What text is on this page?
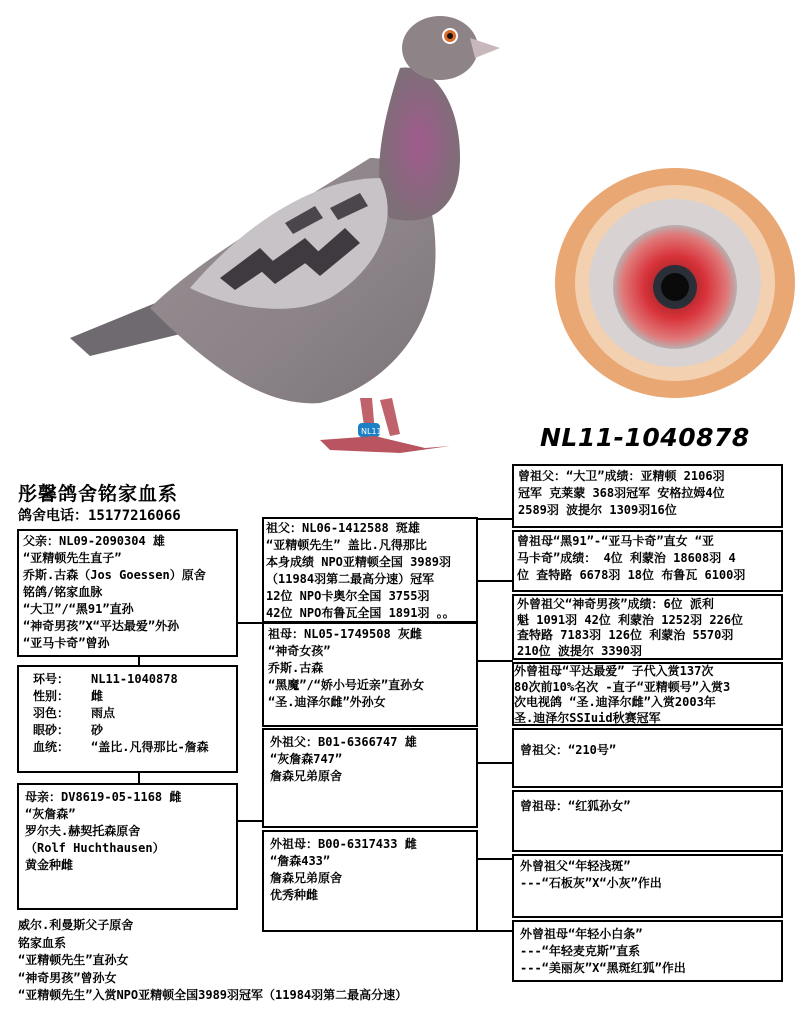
NL11	NL11-1040878
彤馨鸽舍铭家血系
鸽舍电话：15177216066
父亲：NL09-2090304 雄
“亚精顿先生直子”
乔斯.古森（Jos Goessen）原舍
铭鸽/铭家血脉
“大卫”/“黑91”直孙
“神奇男孩”X“平达最爱”外孙
“亚马卡奇”曾孙
环号：	NL11-1040878
性别：	雌
羽色：	雨点
眼砂：	砂
血统：	“盖比.凡得那比-詹森
母亲：DV8619-05-1168 雌
“灰詹森”
罗尔夫.赫契托森原舍
（Rolf Huchthausen）
黄金种雌
祖父：NL06-1412588 斑雄
“亚精顿先生” 盖比.凡得那比
本身成绩 NPO亚精顿全国 3989羽
（11984羽第二最高分速）冠军
12位 NPO卡奥尔全国 3755羽
42位 NPO布鲁瓦全国 1891羽 。。
祖母：NL05-1749508 灰雌
“神奇女孩”
乔斯.古森
“黑魔”/“娇小号近亲”直孙女
“圣.迪泽尔雌”外孙女
外祖父：B01-6366747 雄
“灰詹森747”
詹森兄弟原舍
外祖母：B00-6317433 雌
“詹森433”
詹森兄弟原舍
优秀种雌
曾祖父：“大卫”成绩：亚精顿 2106羽
冠军 克莱蒙 368羽冠军 安格拉姆4位
2589羽 波提尔 1309羽16位
曾祖母“黑91”-“亚马卡奇”直女 “亚
马卡奇”成绩： 4位 利蒙治 18608羽 4
位 查特路 6678羽 18位 布鲁瓦 6100羽
外曾祖父“神奇男孩”成绩：6位 派利
魁 1091羽 42位 利蒙治 1252羽 226位
查特路 7183羽 126位 利蒙治 5570羽
210位 波提尔 3390羽
外曾祖母“平达最爱” 子代入赏137次
80次前10%名次 -直子“亚精顿号”入赏3
次电视鸽 “圣.迪泽尔雌”入赏2003年
圣.迪泽尔SSIuid秋赛冠军
曾祖父：“210号”
曾祖母：“红狐孙女”
外曾祖父“年轻浅斑”
---“石板灰”X“小灰”作出
外曾祖母“年轻小白条”
---“年轻麦克斯”直系
---“美丽灰”X“黑斑红狐”作出
威尔.利曼斯父子原舍
铭家血系
“亚精顿先生”直孙女
“神奇男孩”曾孙女
“亚精顿先生”入赏NPO亚精顿全国3989羽冠军（11984羽第二最高分速）
